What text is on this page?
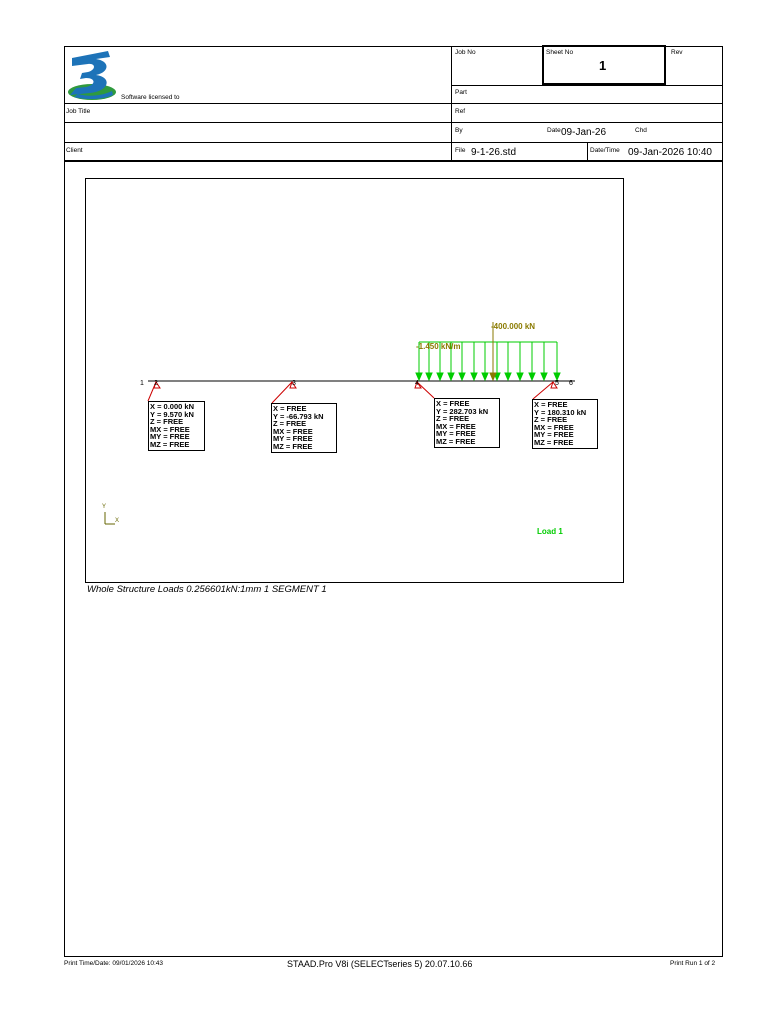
Software licensed to
Job Title
Client
Job No	Sheet No
1
Rev
Part
Ref
By	Date 09-Jan-26	Chd
File 9-1-26.std	Date/Time 09-Jan-2026 10:40
-400.000 kN
-1.450 kN/m
1 2	3	4	5 6
X = 0.000 kN
Y = 9.570 kN
Z = FREE
MX = FREE
MY = FREE
MZ = FREE
X = FREE
Y = -66.793 kN
Z = FREE
MX = FREE
MY = FREE
MZ = FREE
X = FREE
Y = 282.703 kN
Z = FREE
MX = FREE
MY = FREE
MZ = FREE
X = FREE
Y = 180.310 kN
Z = FREE
MX = FREE
MY = FREE
MZ = FREE
Y
X
Load 1
Whole Structure Loads 0.256601kN:1mm 1 SEGMENT 1
Print Time/Date: 09/01/2026 10:43	STAAD.Pro V8i (SELECTseries 5) 20.07.10.66	Print Run 1 of 2
